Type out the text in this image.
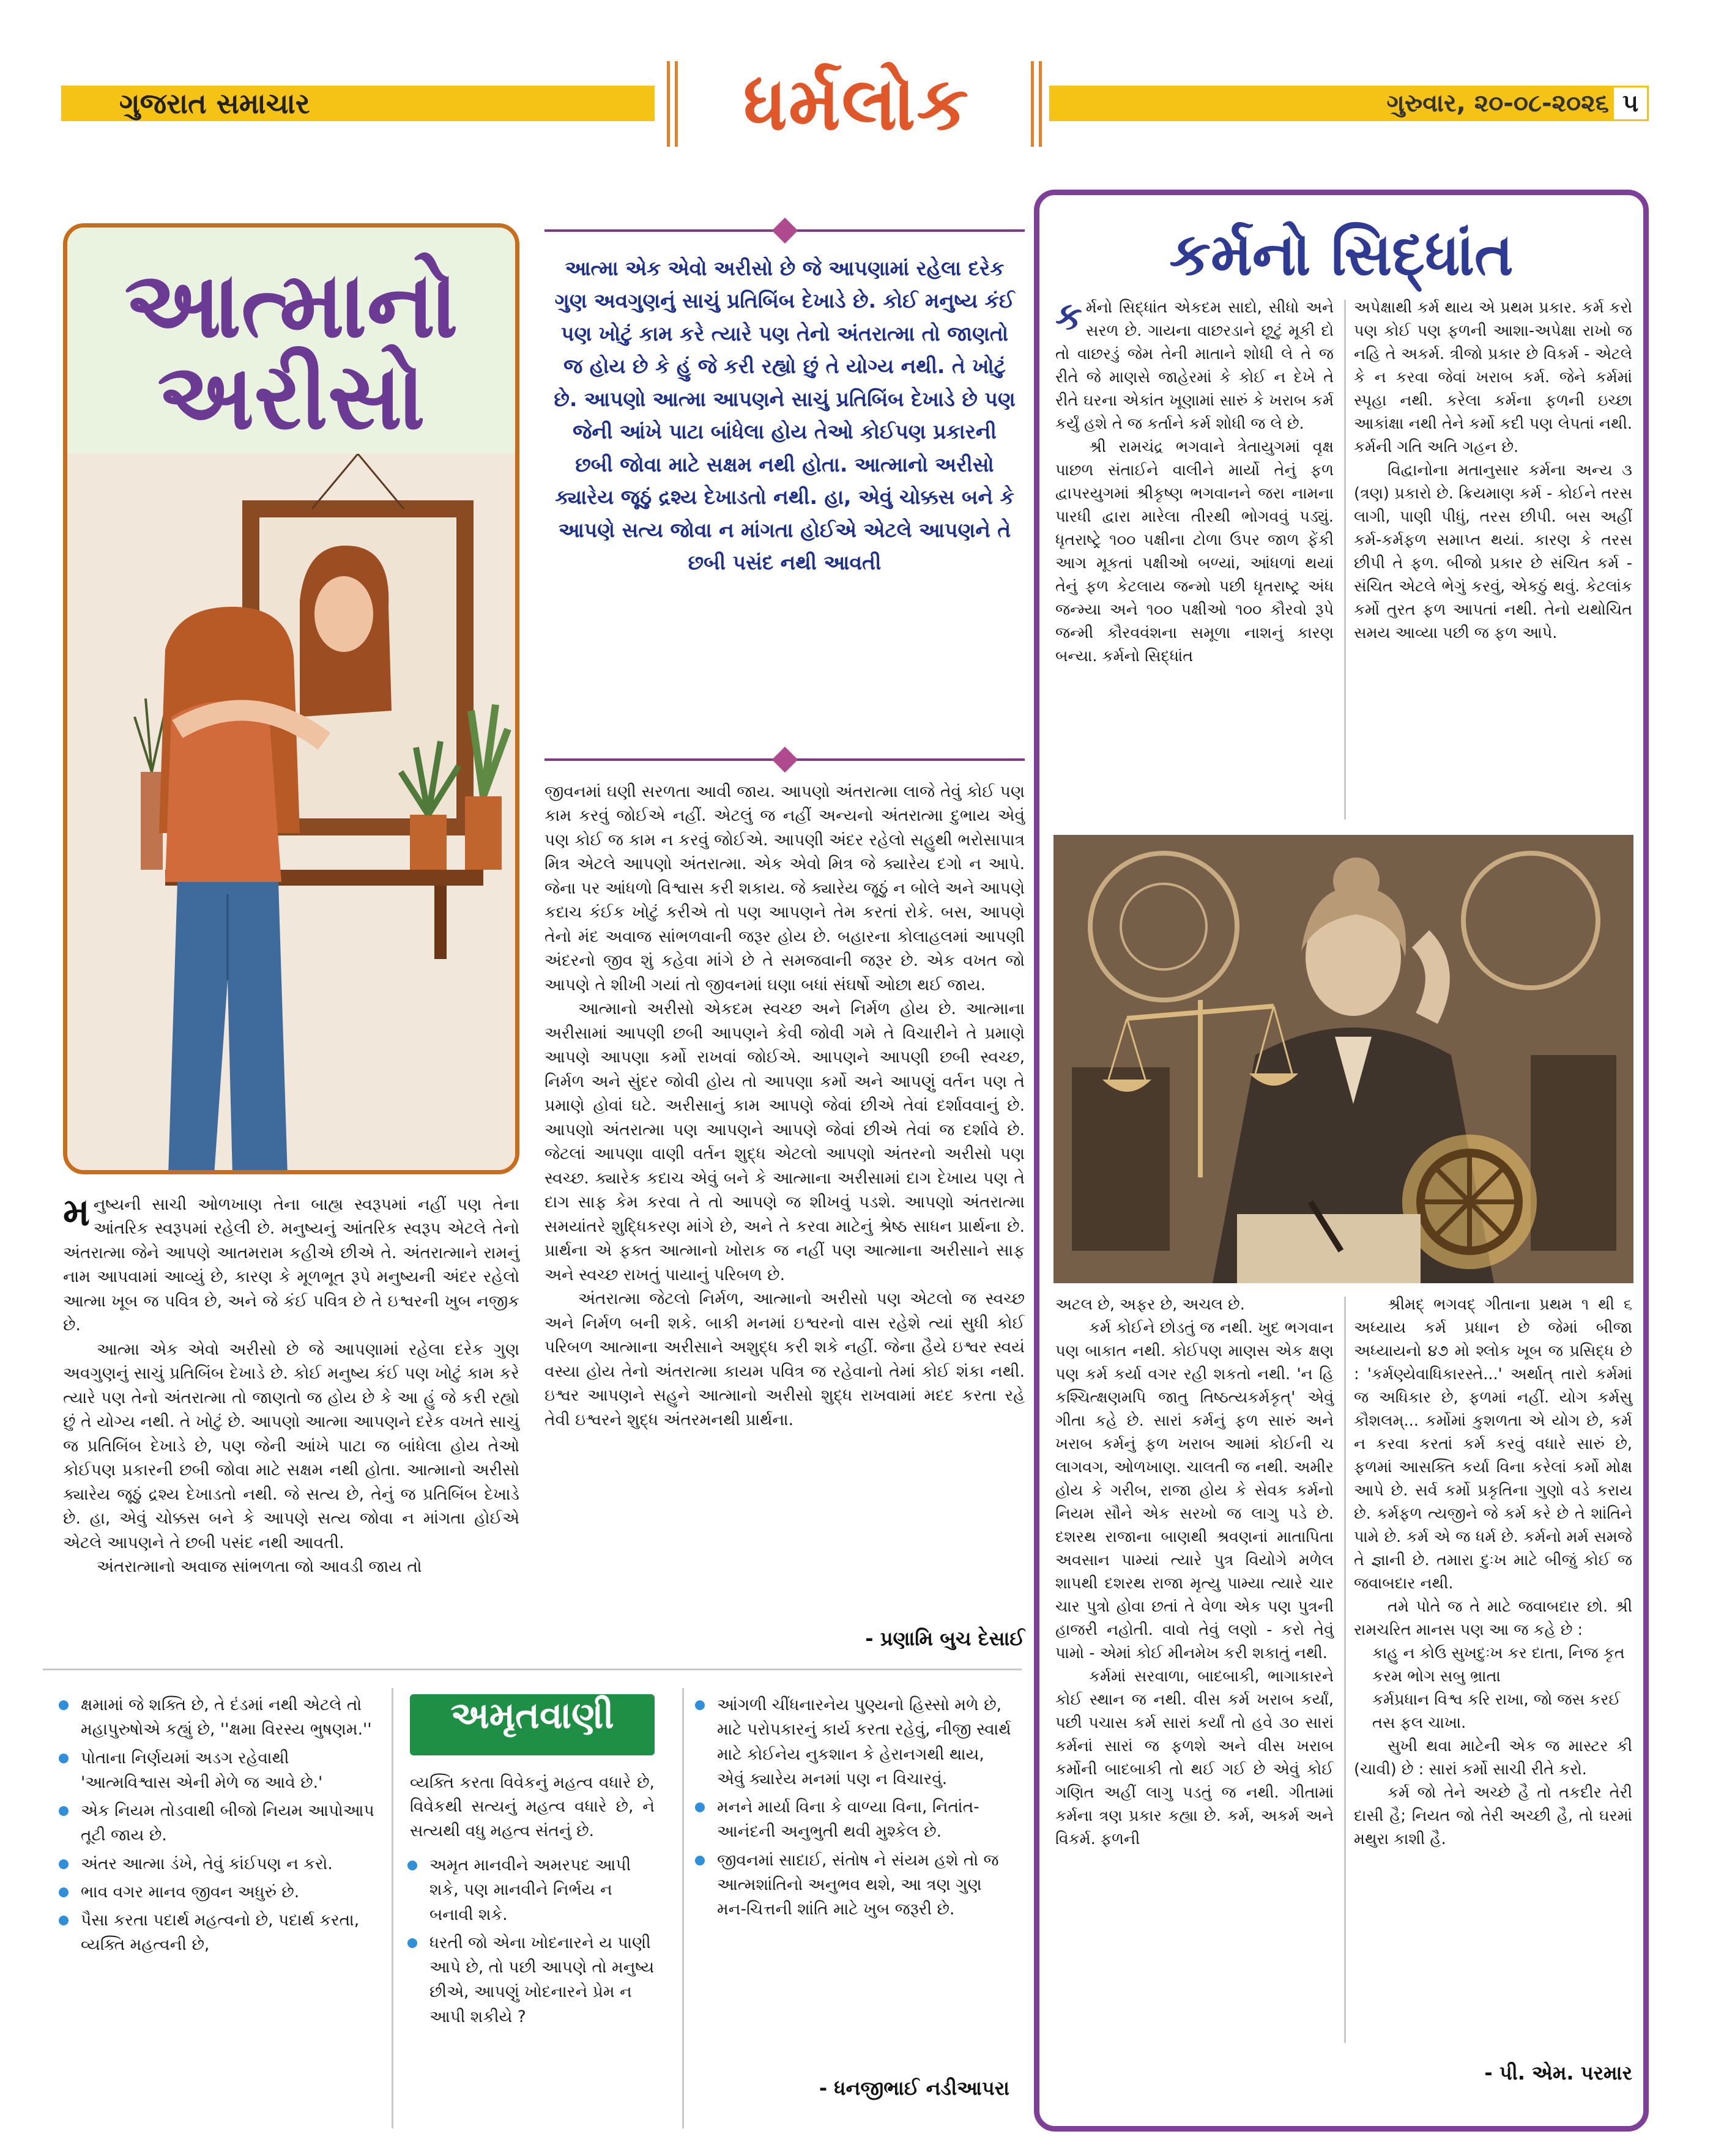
ગુજરાત સમાચાર	ધર્મલોક	ગુરુવાર, ૨૦-૦૮-૨૦૨૬ ૫
આત્માનો
અરીસો
આત્મા એક એવો અરીસો છે જે આપણામાં રહેલા દરેક ગુણ અવગુણનું સાચું પ્રતિબિંબ દેખાડે છે. કોઈ મનુષ્ય કંઈ પણ ખોટું કામ કરે ત્યારે પણ તેનો અંતરાત્મા તો જાણતો જ હોય છે કે હું જે કરી રહ્યો છું તે યોગ્ય નથી. તે ખોટું છે. આપણો આત્મા આપણને સાચું પ્રતિબિંબ દેખાડે છે પણ જેની આંખે પાટા બાંધેલા હોય તેઓ કોઈપણ પ્રકારની છબી જોવા માટે સક્ષમ નથી હોતા. આત્માનો અરીસો ક્યારેય જૂઠું દ્રશ્ય દેખાડતો નથી. હા, એવું ચોક્કસ બને કે આપણે સત્ય જોવા ન માંગતા હોઈએ એટલે આપણને તે છબી પસંદ નથી આવતી

મનુષ્યની સાચી ઓળખાણ તેના બાહ્ય સ્વરૂપમાં નહીં પણ તેના આંતરિક સ્વરૂપમાં રહેલી છે. મનુષ્યનું આંતરિક સ્વરૂપ એટલે તેનો અંતરાત્મા જેને આપણે આતમરામ કહીએ છીએ તે. અંતરાત્માને રામનું નામ આપવામાં આવ્યું છે, કારણ કે મૂળભૂત રૂપે મનુષ્યની અંદર રહેલો આત્મા ખૂબ જ પવિત્ર છે, અને જે કંઈ પવિત્ર છે તે ઇશ્વરની ખુબ નજીક છે.

આત્મા એક એવો અરીસો છે જે આપણામાં રહેલા દરેક ગુણ અવગુણનું સાચું પ્રતિબિંબ દેખાડે છે. કોઈ મનુષ્ય કંઈ પણ ખોટું કામ કરે ત્યારે પણ તેનો અંતરાત્મા તો જાણતો જ હોય છે કે આ હું જે કરી રહ્યો છું તે યોગ્ય નથી. તે ખોટું છે. આપણો આત્મા આપણને દરેક વખતે સાચું જ પ્રતિબિંબ દેખાડે છે, પણ જેની આંખે પાટા જ બાંધેલા હોય તેઓ કોઈપણ પ્રકારની છબી જોવા માટે સક્ષમ નથી હોતા. આત્માનો અરીસો ક્યારેય જૂઠું દ્રશ્ય દેખાડતો નથી. જે સત્ય છે, તેનું જ પ્રતિબિંબ દેખાડે છે. હા, એવું ચોક્કસ બને કે આપણે સત્ય જોવા ન માંગતા હોઈએ એટલે આપણને તે છબી પસંદ નથી આવતી.

અંતરાત્માનો અવાજ સાંભળતા જો આવડી જાય તો

જીવનમાં ઘણી સરળતા આવી જાય. આપણો અંતરાત્મા લાજે તેવું કોઈ પણ કામ કરવું જોઈએ નહીં. એટલું જ નહીં અન્યનો અંતરાત્મા દુભાય એવું પણ કોઈ જ કામ ન કરવું જોઈએ. આપણી અંદર રહેલો સહુથી ભરોસાપાત્ર મિત્ર એટલે આપણો અંતરાત્મા. એક એવો મિત્ર જે ક્યારેય દગો ન આપે. જેના પર આંધળો વિશ્વાસ કરી શકાય. જે ક્યારેય જૂઠું ન બોલે અને આપણે કદાચ કંઈક ખોટું કરીએ તો પણ આપણને તેમ કરતાં રોકે. બસ, આપણે તેનો મંદ અવાજ સાંભળવાની જરૂર હોય છે. બહારના કોલાહલમાં આપણી અંદરનો જીવ શું કહેવા માંગે છે તે સમજવાની જરૂર છે. એક વખત જો આપણે તે શીખી ગયાં તો જીવનમાં ઘણા બધાં સંઘર્ષો ઓછા થઈ જાય.

આત્માનો અરીસો એકદમ સ્વચ્છ અને નિર્મળ હોય છે. આત્માના અરીસામાં આપણી છબી આપણને કેવી જોવી ગમે તે વિચારીને તે પ્રમાણે આપણે આપણા કર્મો રાખવાં જોઈએ. આપણને આપણી છબી સ્વચ્છ, નિર્મળ અને સુંદર જોવી હોય તો આપણા કર્મો અને આપણું વર્તન પણ તે પ્રમાણે હોવાં ઘટે. અરીસાનું કામ આપણે જેવાં છીએ તેવાં દર્શાવવાનું છે. આપણો અંતરાત્મા પણ આપણને આપણે જેવાં છીએ તેવાં જ દર્શાવે છે. જેટલાં આપણા વાણી વર્તન શુદ્ધ એટલો આપણો અંતરનો અરીસો પણ સ્વચ્છ. ક્યારેક કદાચ એવું બને કે આત્માના અરીસામાં દાગ દેખાય પણ તે દાગ સાફ કેમ કરવા તે તો આપણે જ શીખવું પડશે. આપણો અંતરાત્મા સમયાંતરે શુદ્ધિકરણ માંગે છે, અને તે કરવા માટેનું શ્રેષ્ઠ સાધન પ્રાર્થના છે. પ્રાર્થના એ ફક્ત આત્માનો ખોરાક જ નહીં પણ આત્માના અરીસાને સાફ અને સ્વચ્છ રાખતું પાયાનું પરિબળ છે.

અંતરાત્મા જેટલો નિર્મળ, આત્માનો અરીસો પણ એટલો જ સ્વચ્છ અને નિર્મળ બની શકે. બાકી મનમાં ઇશ્વરનો વાસ રહેશે ત્યાં સુધી કોઈ પરિબળ આત્માના અરીસાને અશુદ્ધ કરી શકે નહીં. જેના હૈયે ઇશ્વર સ્વયં વસ્યા હોય તેનો અંતરાત્મા કાયમ પવિત્ર જ રહેવાનો તેમાં કોઈ શંકા નથી. ઇશ્વર આપણને સહુને આત્માનો અરીસો શુદ્ધ રાખવામાં મદદ કરતા રહે તેવી ઇશ્વરને શુદ્ધ અંતરમનથી પ્રાર્થના.

- પ્રણામિ બુચ દેસાઈ
કર્મનો સિદ્ધાંત

કર્મનો સિદ્ધાંત એકદમ સાદો, સીધો અને સરળ છે. ગાયના વાછરડાને છૂટું મૂકી દો તો વાછરડું જેમ તેની માતાને શોધી લે તે જ રીતે જે માણસે જાહેરમાં કે કોઈ ન દેખે તે રીતે ઘરના એકાંત ખૂણામાં સારું કે ખરાબ કર્મ કર્યું હશે તે જ કર્તાને કર્મ શોધી જ લે છે.

શ્રી રામચંદ્ર ભગવાને ત્રેતાયુગમાં વૃક્ષ પાછળ સંતાઈને વાલીને માર્યો તેનું ફળ દ્વાપરયુગમાં શ્રીકૃષ્ણ ભગવાનને જરા નામના પારધી દ્વારા મારેલા તીરથી ભોગવવું પડ્યું. ધૃતરાષ્ટ્રે ૧૦૦ પક્ષીના ટોળા ઉપર જાળ ફેંકી આગ મૂકતાં પક્ષીઓ બળ્યાં, આંધળાં થયાં તેનું ફળ કેટલાય જન્મો પછી ધૃતરાષ્ટ્ર અંધ જન્મ્યા અને ૧૦૦ પક્ષીઓ ૧૦૦ કૌરવો રૂપે જન્મી કૌરવવંશના સમૂળા નાશનું કારણ બન્યા. કર્મનો સિદ્ધાંત

અપેક્ષાથી કર્મ થાય એ પ્રથમ પ્રકાર. કર્મ કરો પણ કોઈ પણ ફળની આશા-અપેક્ષા રાખો જ નહિ તે અકર્મ. ત્રીજો પ્રકાર છે વિકર્મ - એટલે કે ન કરવા જેવાં ખરાબ કર્મ. જેને કર્મમાં સ્પૃહા નથી. કરેલા કર્મના ફળની ઇચ્છા આકાંક્ષા નથી તેને કર્મો કદી પણ લેપતાં નથી. કર્મની ગતિ અતિ ગહન છે.

વિદ્વાનોના મતાનુસાર કર્મના અન્ય ૩ (ત્રણ) પ્રકારો છે. ક્રિયમાણ કર્મ - કોઈને તરસ લાગી, પાણી પીધું, તરસ છીપી. બસ અહીં કર્મ-કર્મફળ સમાપ્ત થયાં. કારણ કે તરસ છીપી તે ફળ. બીજો પ્રકાર છે સંચિત કર્મ - સંચિત એટલે ભેગું કરવું, એકઠું થવું. કેટલાંક કર્મો તુરત ફળ આપતાં નથી. તેનો યથોચિત સમય આવ્યા પછી જ ફળ આપે.

અટલ છે, અફર છે, અચલ છે.

કર્મ કોઈને છોડતું જ નથી. ખુદ ભગવાન પણ બાકાત નથી. કોઈપણ માણસ એક ક્ષણ પણ કર્મ કર્યા વગર રહી શકતો નથી. 'ન હિ કશ્ચિત્ક્ષણમપિ જાતુ તિષ્ઠત્યકર્મકૃત્' એવું ગીતા કહે છે. સારાં કર્મનું ફળ સારું અને ખરાબ કર્મનું ફળ ખરાબ આમાં કોઈની ચ લાગવગ, ઓળખાણ. ચાલતી જ નથી. અમીર હોય કે ગરીબ, રાજા હોય કે સેવક કર્મનો નિયમ સૌને એક સરખો જ લાગુ પડે છે. દશરથ રાજાના બાણથી શ્રવણનાં માતાપિતા અવસાન પામ્યાં ત્યારે પુત્ર વિયોગે મળેલ શાપથી દશરથ રાજા મૃત્યુ પામ્યા ત્યારે ચાર ચાર પુત્રો હોવા છતાં તે વેળા એક પણ પુત્રની હાજરી નહોતી. વાવો તેવું લણો - કરો તેવું પામો - એમાં કોઈ મીનમેખ કરી શકાતું નથી.

કર્મમાં સરવાળા, બાદબાકી, ભાગાકારને કોઈ સ્થાન જ નથી. વીસ કર્મ ખરાબ કર્યાં, પછી પચાસ કર્મ સારાં કર્યાં તો હવે ૩૦ સારાં કર્મનાં સારાં જ ફળશે અને વીસ ખરાબ કર્મોની બાદબાકી તો થઈ ગઈ છે એવું કોઈ ગણિત અહીં લાગુ પડતું જ નથી. ગીતામાં કર્મના ત્રણ પ્રકાર કહ્યા છે. કર્મ, અકર્મ અને વિકર્મ. ફળની

શ્રીમદ્ ભગવદ્ ગીતાના પ્રથમ ૧ થી ૬ અધ્યાય કર્મ પ્રધાન છે જેમાં બીજા અધ્યાયનો ૪૭ મો શ્લોક ખૂબ જ પ્રસિદ્ધ છે : 'કર્મણ્યેવાધિકારસ્તે...' અર્થાત્ તારો કર્મમાં જ અધિકાર છે, ફળમાં નહીં. યોગ કર્મસુ કૌશલમ્... કર્મોમાં કુશળતા એ યોગ છે, કર્મ ન કરવા કરતાં કર્મ કરવું વધારે સારું છે, ફળમાં આસક્તિ કર્યા વિના કરેલાં કર્મો મોક્ષ આપે છે. સર્વ કર્મો પ્રકૃતિના ગુણો વડે કરાય છે. કર્મફળ ત્યજીને જે કર્મ કરે છે તે શાંતિને પામે છે. કર્મ એ જ ધર્મ છે. કર્મનો મર્મ સમજે તે જ્ઞાની છે. તમારા દુઃખ માટે બીજું કોઈ જ જવાબદાર નથી.

તમે પોતે જ તે માટે જવાબદાર છો. શ્રી રામચરિત માનસ પણ આ જ કહે છે :

કાહુ ન કોઉ સુખદુઃખ કર દાતા, નિજ કૃત કરમ ભોગ સબુ ભ્રાતા

કર્મપ્રધાન વિશ્વ કરિ રાખા, જો જસ કરઈ તસ ફલ ચાખા.

સુખી થવા માટેની એક જ માસ્ટર કી (ચાવી) છે : સારાં કર્મો સાચી રીતે કરો.

કર્મ જો તેને અચ્છે હૈ તો તકદીર તેરી દાસી હૈ; નિયત જો તેરી અચ્છી હૈ, તો ઘરમાં મથુરા કાશી હૈ.

- પી. એમ. પરમાર
ક્ષમામાં જે શક્તિ છે, તે દંડમાં નથી એટલે તો મહાપુરુષોએ કહ્યું છે, ''ક્ષમા વિરસ્ય ભુષણમ.''
પોતાના નિર્ણયમાં અડગ રહેવાથી 'આત્મવિશ્વાસ એની મેળે જ આવે છે.'
એક નિયમ તોડવાથી બીજો નિયમ આપોઆપ તૂટી જાય છે.
અંતર આત્મા ડંખે, તેવું કાંઈપણ ન કરો.
ભાવ વગર માનવ જીવન અધુરું છે.
પૈસા કરતા પદાર્થ મહત્વનો છે, પદાર્થ કરતા, વ્યક્તિ મહત્વની છે,
અમૃતવાણી

વ્યક્તિ કરતા વિવેકનું મહત્વ વધારે છે, વિવેકથી સત્યનું મહત્વ વધારે છે, ને સત્યથી વધુ મહત્વ સંતનું છે.

અમૃત માનવીને અમરપદ આપી શકે, પણ માનવીને નિર્ભય ન બનાવી શકે.
ધરતી જો એના ખોદનારને ય પાણી આપે છે, તો પછી આપણે તો મનુષ્ય છીએ, આપણું ખોદનારને પ્રેમ ન આપી શકીયે ?
આંગળી ચીંધનારનેય પુણ્યનો હિસ્સો મળે છે, માટે પરોપકારનું કાર્ય કરતા રહેવું, નીજી સ્વાર્થ માટે કોઈનેય નુકશાન કે હેરાનગથી થાય, એવું ક્યારેય મનમાં પણ ન વિચારવું.
મનને માર્યા વિના કે વાળ્યા વિના, નિતાંત-આનંદની અનુભુતી થવી મુશ્કેલ છે.
જીવનમાં સાદાઈ, સંતોષ ને સંયમ હશે તો જ આત્મશાંતિનો અનુભવ થશે, આ ત્રણ ગુણ મન-ચિત્તની શાંતિ માટે ખુબ જરૂરી છે.
- ધનજીભાઈ નડીઆપરા
